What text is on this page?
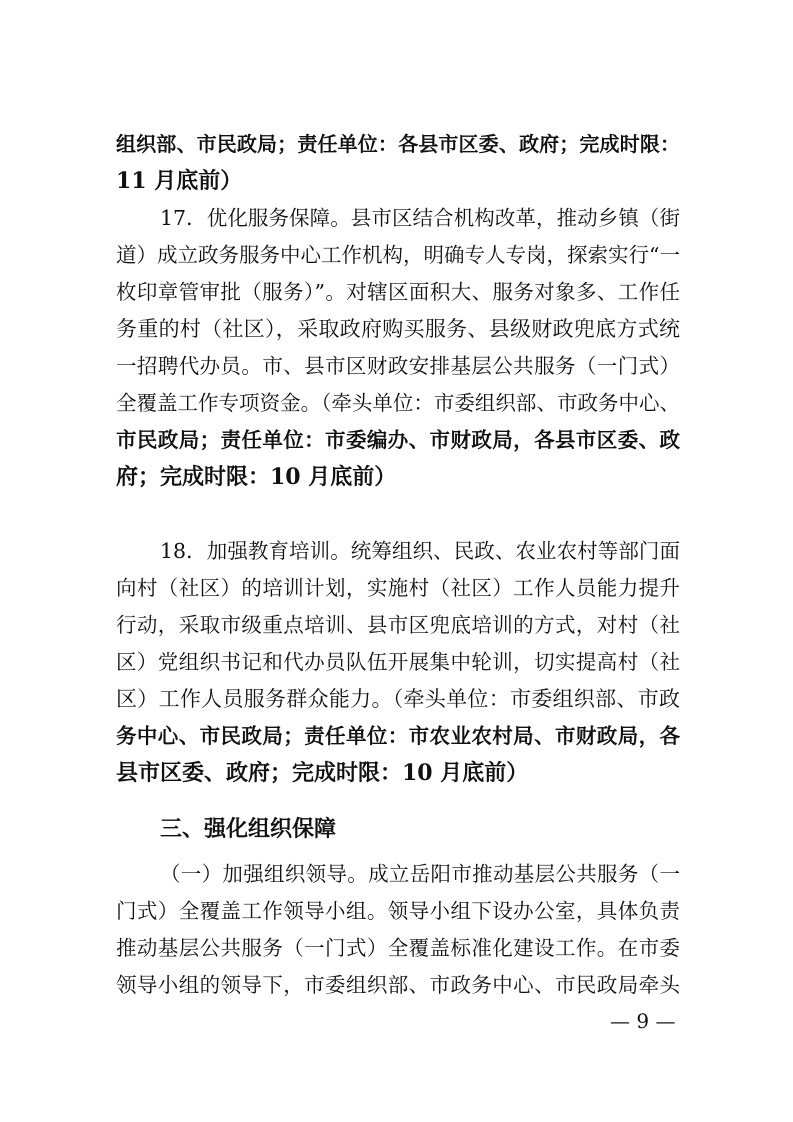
组织部、市民政局；责任单位：各县市区委、政府；完成时限：
11 月底前）
17．优化服务保障。县市区结合机构改革，推动乡镇（街
道）成立政务服务中心工作机构，明确专人专岗，探索实行“一
枚印章管审批（服务）”。对辖区面积大、服务对象多、工作任
务重的村（社区），采取政府购买服务、县级财政兜底方式统
一招聘代办员。市、县市区财政安排基层公共服务（一门式）
全覆盖工作专项资金。（牵头单位：市委组织部、市政务中心、
市民政局；责任单位：市委编办、市财政局，各县市区委、政
府；完成时限：10 月底前）
18．加强教育培训。统筹组织、民政、农业农村等部门面
向村（社区）的培训计划，实施村（社区）工作人员能力提升
行动，采取市级重点培训、县市区兜底培训的方式，对村（社
区）党组织书记和代办员队伍开展集中轮训，切实提高村（社
区）工作人员服务群众能力。（牵头单位：市委组织部、市政
务中心、市民政局；责任单位：市农业农村局、市财政局，各
县市区委、政府；完成时限：10 月底前）
三、强化组织保障
（一）加强组织领导。成立岳阳市推动基层公共服务（一
门式）全覆盖工作领导小组。领导小组下设办公室，具体负责
推动基层公共服务（一门式）全覆盖标准化建设工作。在市委
领导小组的领导下，市委组织部、市政务中心、市民政局牵头
— 9 —
